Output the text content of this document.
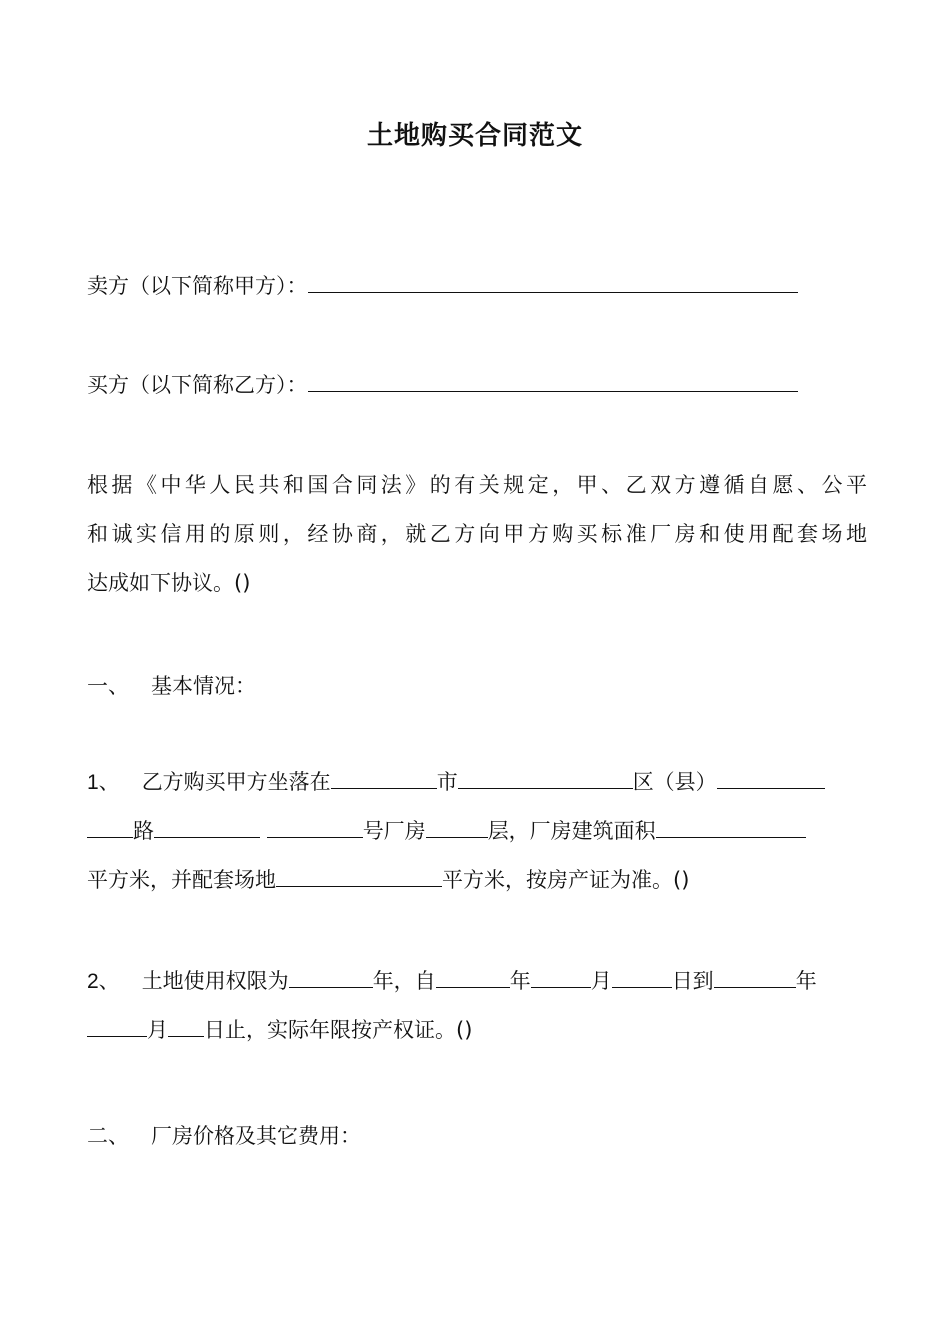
土地购买合同范文
卖方（以下简称甲方）：
买方（以下简称乙方）：
根据《中华人民共和国合同法》的有关规定，甲、乙双方遵循自愿、公平
和诚实信用的原则，经协商，就乙方向甲方购买标准厂房和使用配套场地
达成如下协议。()
一、 基本情况：
1、 乙方购买甲方坐落在	市	区（县）
路	号厂房	层，厂房建筑面积
平方米，并配套场地	平方米，按房产证为准。()
2、 土地使用权限为	年，自	年	月	日到	年
月 日止，实际年限按产权证。()
二、 厂房价格及其它费用：
